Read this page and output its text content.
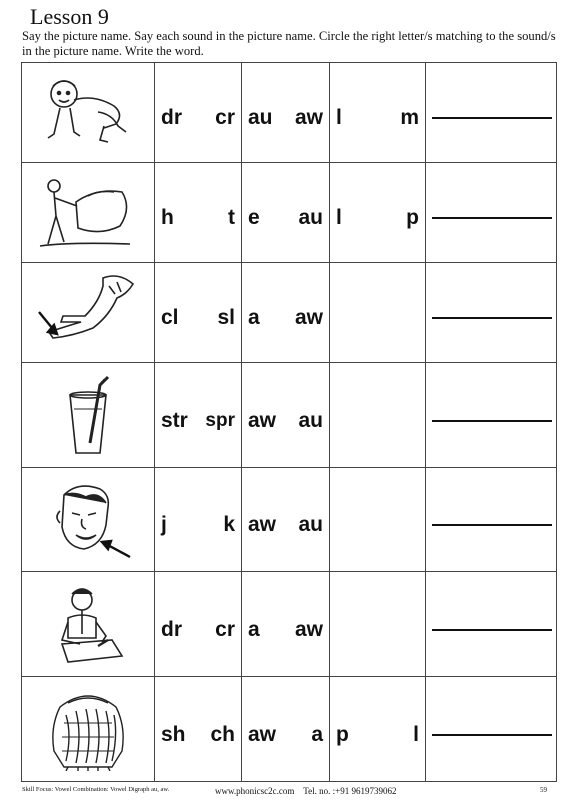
Lesson 9
Say the picture name. Say each sound in the picture name. Circle the right letter/s matching to the sound/s in the picture name. Write the word.

dr cr	au aw	l m	

h t	e au	l p	

cl sl	a aw		

str spr	aw au		

j k	aw au		

dr cr	a aw		

sh ch	aw a	p l	

Skill Focus: Vowel Combination: Vowel Digraph au, aw.	www.phonicsc2c.com Tel. no. :+91 9619739062	59
